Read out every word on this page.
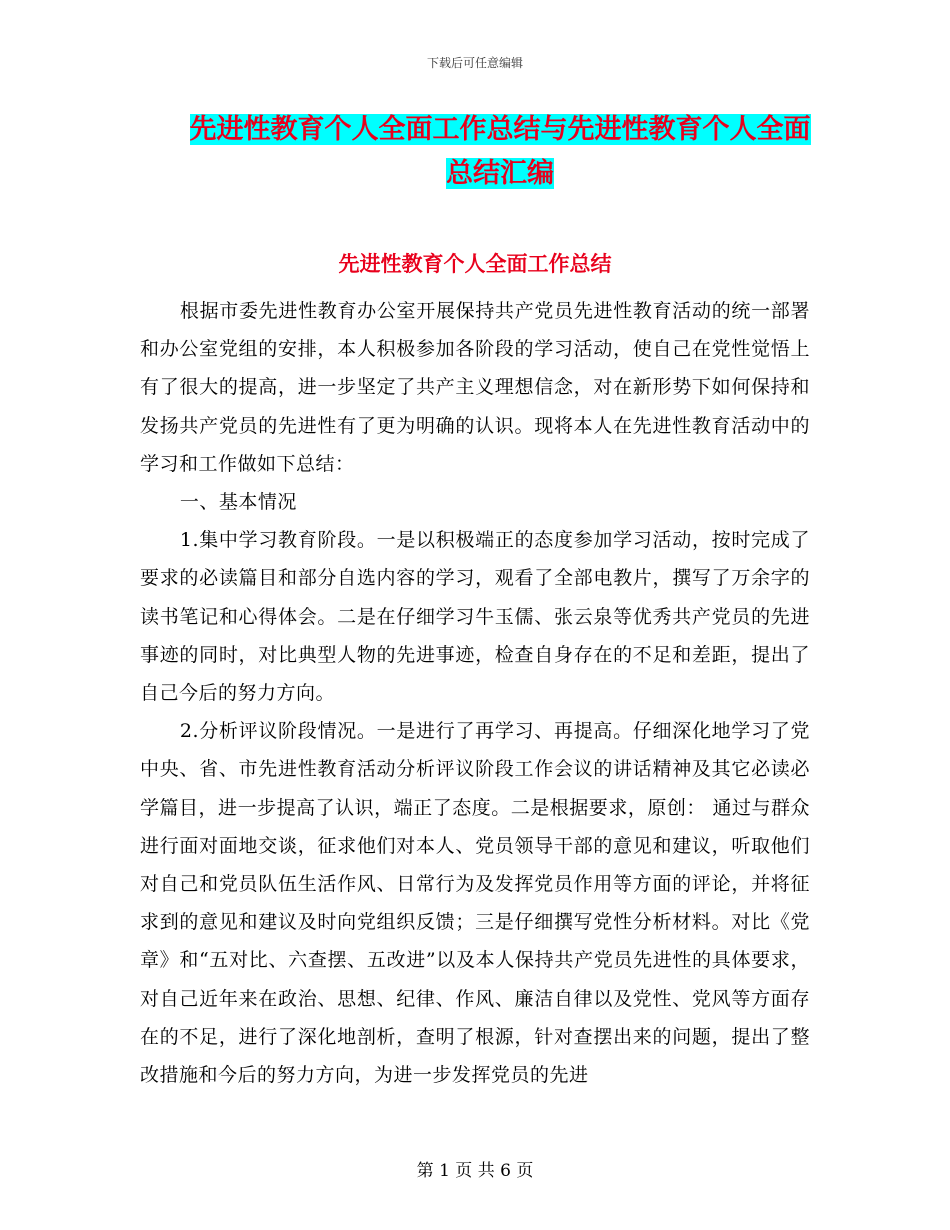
下载后可任意编辑
先进性教育个人全面工作总结与先进性教育个人全面
总结汇编
先进性教育个人全面工作总结

根据市委先进性教育办公室开展保持共产党员先进性教育活动的统一部署和办公室党组的安排，本人积极参加各阶段的学习活动，使自己在党性觉悟上有了很大的提高，进一步坚定了共产主义理想信念，对在新形势下如何保持和发扬共产党员的先进性有了更为明确的认识。现将本人在先进性教育活动中的学习和工作做如下总结：

一、基本情况

1.集中学习教育阶段。一是以积极端正的态度参加学习活动，按时完成了要求的必读篇目和部分自选内容的学习，观看了全部电教片，撰写了万余字的读书笔记和心得体会。二是在仔细学习牛玉儒、张云泉等优秀共产党员的先进事迹的同时，对比典型人物的先进事迹，检查自身存在的不足和差距，提出了自己今后的努力方向。

2.分析评议阶段情况。一是进行了再学习、再提高。仔细深化地学习了党中央、省、市先进性教育活动分析评议阶段工作会议的讲话精神及其它必读必学篇目，进一步提高了认识，端正了态度。二是根据要求，原创： 通过与群众进行面对面地交谈，征求他们对本人、党员领导干部的意见和建议，听取他们对自己和党员队伍生活作风、日常行为及发挥党员作用等方面的评论，并将征求到的意见和建议及时向党组织反馈；三是仔细撰写党性分析材料。对比《党章》和“五对比、六查摆、五改进”以及本人保持共产党员先进性的具体要求，对自己近年来在政治、思想、纪律、作风、廉洁自律以及党性、党风等方面存在的不足，进行了深化地剖析，查明了根源，针对查摆出来的问题，提出了整改措施和今后的努力方向，为进一步发挥党员的先进

第 1 页 共 6 页
